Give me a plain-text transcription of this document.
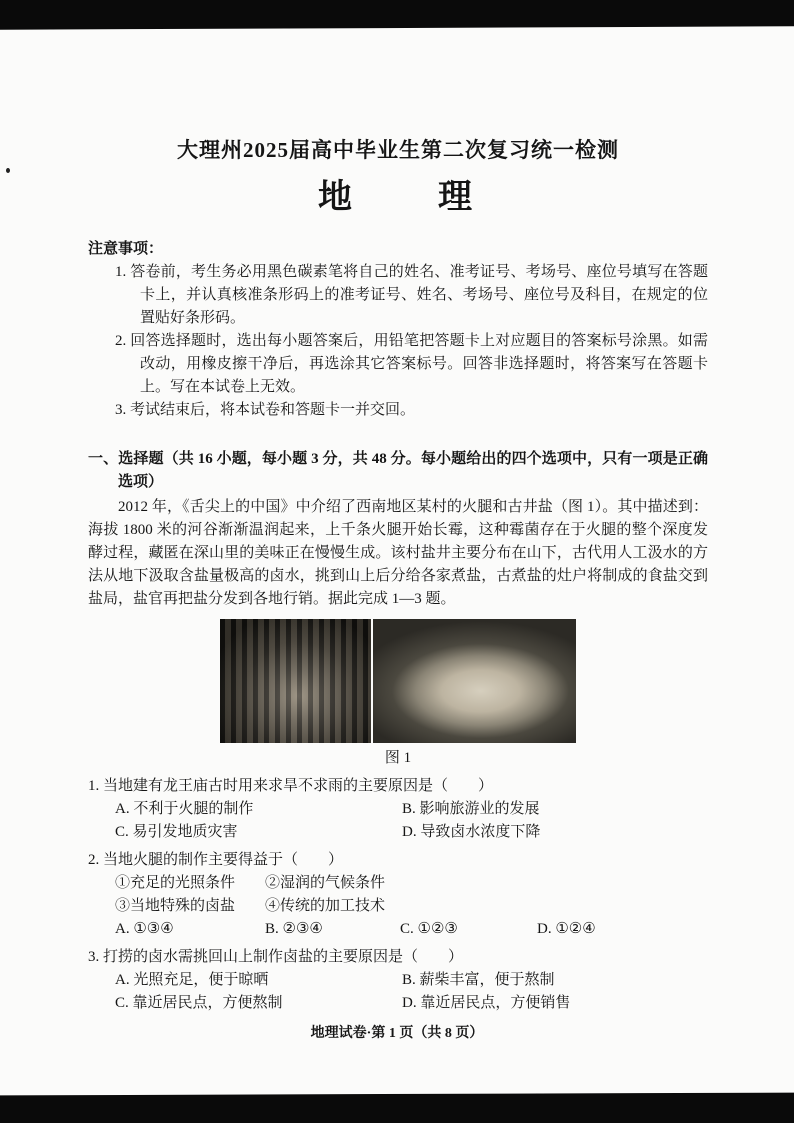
大理州2025届高中毕业生第二次复习统一检测
地　　理
注意事项：

1. 答卷前，考生务必用黑色碳素笔将自己的姓名、准考证号、考场号、座位号填写在答题卡上，并认真核准条形码上的准考证号、姓名、考场号、座位号及科目，在规定的位置贴好条形码。

2. 回答选择题时，选出每小题答案后，用铅笔把答题卡上对应题目的答案标号涂黑。如需改动，用橡皮擦干净后，再选涂其它答案标号。回答非选择题时，将答案写在答题卡上。写在本试卷上无效。

3. 考试结束后，将本试卷和答题卡一并交回。

一、选择题（共 16 小题，每小题 3 分，共 48 分。每小题给出的四个选项中，只有一项是正确选项）

2012 年，《舌尖上的中国》中介绍了西南地区某村的火腿和古井盐（图 1）。其中描述到：海拔 1800 米的河谷渐渐温润起来，上千条火腿开始长霉，这种霉菌存在于火腿的整个深度发酵过程，藏匿在深山里的美味正在慢慢生成。该村盐井主要分布在山下，古代用人工汲水的方法从地下汲取含盐量极高的卤水，挑到山上后分给各家煮盐，古煮盐的灶户将制成的食盐交到盐局，盐官再把盐分发到各地行销。据此完成 1—3 题。

图 1

1. 当地建有龙王庙古时用来求旱不求雨的主要原因是（　　）

A. 不利于火腿的制作	B. 影响旅游业的发展
C. 易引发地质灾害	D. 导致卤水浓度下降

2. 当地火腿的制作主要得益于（　　）

①充足的光照条件	②湿润的气候条件
③当地特殊的卤盐	④传统的加工技术
A. ①③④	B. ②③④	C. ①②③	D. ①②④

3. 打捞的卤水需挑回山上制作卤盐的主要原因是（　　）

A. 光照充足，便于晾晒	B. 薪柴丰富，便于熬制
C. 靠近居民点，方便熬制	D. 靠近居民点，方便销售
地理试卷·第 1 页（共 8 页）
